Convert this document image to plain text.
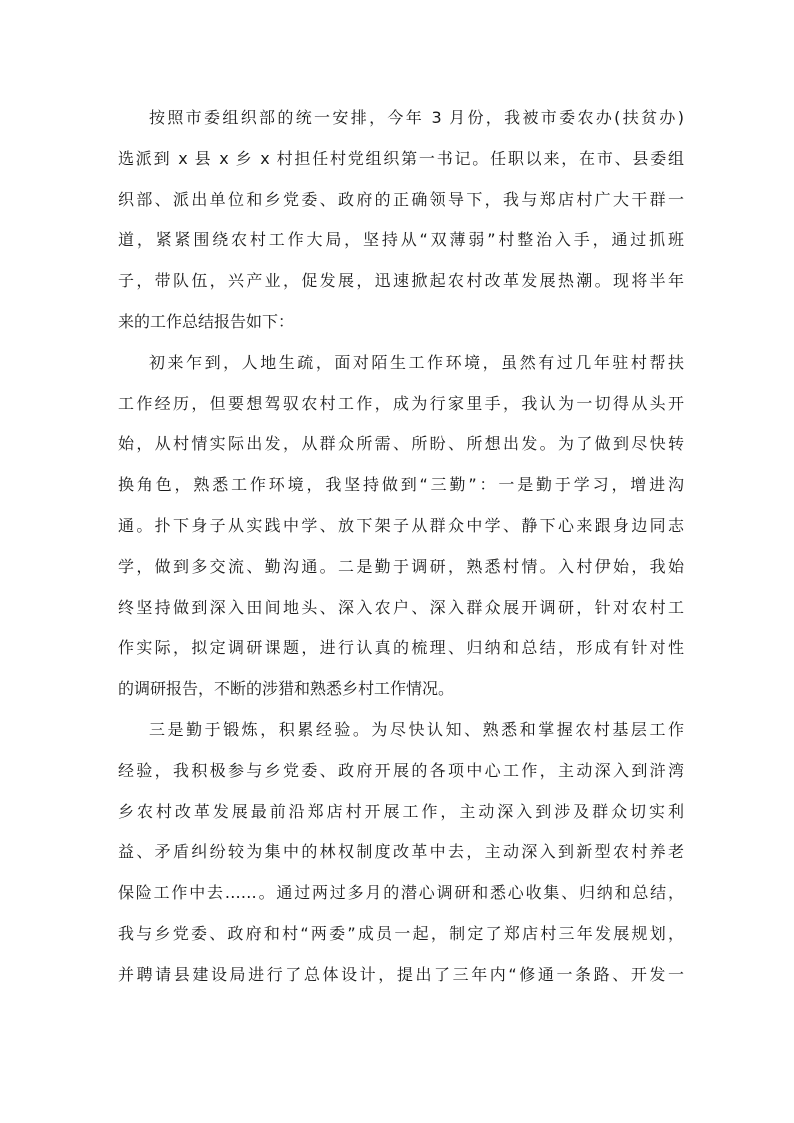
按照市委组织部的统一安排，今年 3 月份，我被市委农办(扶贫办)
选派到 x 县 x 乡 x 村担任村党组织第一书记。任职以来，在市、县委组
织部、派出单位和乡党委、政府的正确领导下，我与郑店村广大干群一
道，紧紧围绕农村工作大局，坚持从“双薄弱”村整治入手，通过抓班
子，带队伍，兴产业，促发展，迅速掀起农村改革发展热潮。现将半年
来的工作总结报告如下：
初来乍到，人地生疏，面对陌生工作环境，虽然有过几年驻村帮扶
工作经历，但要想驾驭农村工作，成为行家里手，我认为一切得从头开
始，从村情实际出发，从群众所需、所盼、所想出发。为了做到尽快转
换角色，熟悉工作环境，我坚持做到“三勤”：一是勤于学习，增进沟
通。扑下身子从实践中学、放下架子从群众中学、静下心来跟身边同志
学，做到多交流、勤沟通。二是勤于调研，熟悉村情。入村伊始，我始
终坚持做到深入田间地头、深入农户、深入群众展开调研，针对农村工
作实际，拟定调研课题，进行认真的梳理、归纳和总结，形成有针对性
的调研报告，不断的涉猎和熟悉乡村工作情况。
三是勤于锻炼，积累经验。为尽快认知、熟悉和掌握农村基层工作
经验，我积极参与乡党委、政府开展的各项中心工作，主动深入到浒湾
乡农村改革发展最前沿郑店村开展工作，主动深入到涉及群众切实利
益、矛盾纠纷较为集中的林权制度改革中去，主动深入到新型农村养老
保险工作中去……。通过两过多月的潜心调研和悉心收集、归纳和总结，
我与乡党委、政府和村“两委”成员一起，制定了郑店村三年发展规划，
并聘请县建设局进行了总体设计，提出了三年内“修通一条路、开发一
